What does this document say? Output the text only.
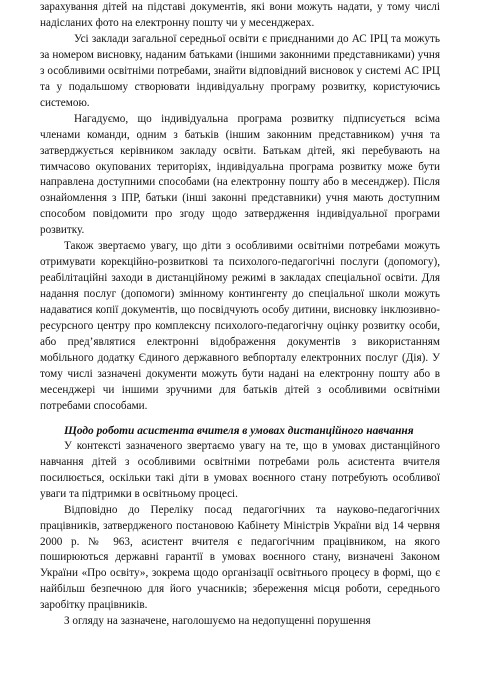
зарахування дітей на підставі документів, які вони можуть надати, у тому числі надісланих фото на електронну пошту чи у месенджерах.

Усі заклади загальної середньої освіти є приєднаними до АС ІРЦ та можуть за номером висновку, наданим батьками (іншими законними представниками) учня з особливими освітніми потребами, знайти відповідний висновок у системі АС ІРЦ та у подальшому створювати індивідуальну програму розвитку, користуючись системою.

Нагадуємо, що індивідуальна програма розвитку підписується всіма членами команди, одним з батьків (іншим законним представником) учня та затверджується керівником закладу освіти. Батькам дітей, які перебувають на тимчасово окупованих територіях, індивідуальна програма розвитку може бути направлена доступними способами (на електронну пошту або в месенджер). Після ознайомлення з ІПР, батьки (інші законні представники) учня мають доступним способом повідомити про згоду щодо затвердження індивідуальної програми розвитку.

Також звертаємо увагу, що діти з особливими освітніми потребами можуть отримувати корекційно-розвиткові та психолого-педагогічні послуги (допомогу), реабілітаційні заходи в дистанційному режимі в закладах спеціальної освіти. Для надання послуг (допомоги) змінному контингенту до спеціальної школи можуть надаватися копії документів, що посвідчують особу дитини, висновку інклюзивно-ресурсного центру про комплексну психолого-педагогічну оцінку розвитку особи, або пред’являтися електронні відображення документів з використанням мобільного додатку Єдиного державного вебпорталу електронних послуг (Дія). У тому числі зазначені документи можуть бути надані на електронну пошту або в месенджері чи іншими зручними для батьків дітей з особливими освітніми потребами способами.

Щодо роботи асистента вчителя в умовах дистанційного навчання

У контексті зазначеного звертаємо увагу на те, що в умовах дистанційного навчання дітей з особливими освітніми потребами роль асистента вчителя посилюється, оскільки такі діти в умовах воєнного стану потребують особливої уваги та підтримки в освітньому процесі.

Відповідно до Переліку посад педагогічних та науково-педагогічних працівників, затвердженого постановою Кабінету Міністрів України від 14 червня 2000 р. № 963, асистент вчителя є педагогічним працівником, на якого поширюються державні гарантії в умовах воєнного стану, визначені Законом України «Про освіту», зокрема щодо організації освітнього процесу в формі, що є найбільш безпечною для його учасників; збереження місця роботи, середнього заробітку працівників.

З огляду на зазначене, наголошуємо на недопущенні порушення
